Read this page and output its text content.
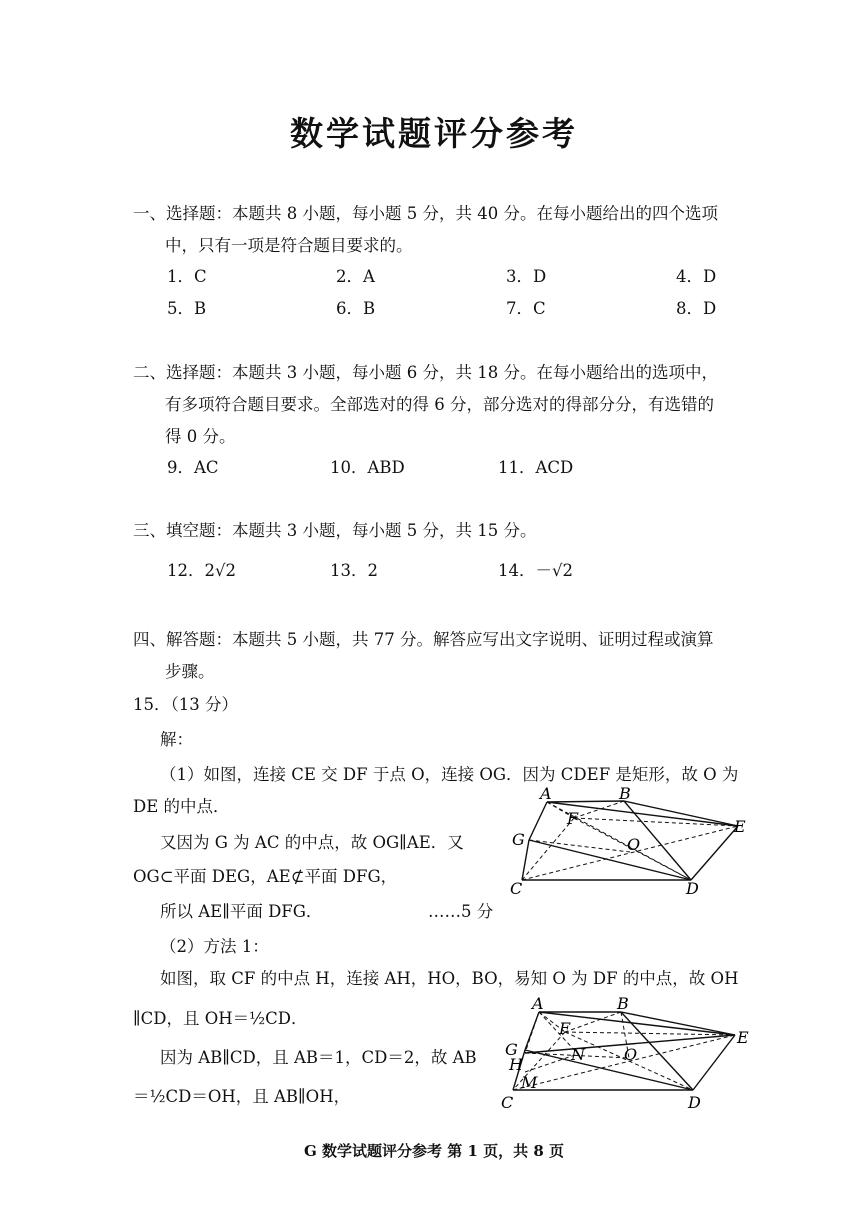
数学试题评分参考
一、选择题：本题共 8 小题，每小题 5 分，共 40 分。在每小题给出的四个选项
中，只有一项是符合题目要求的。
1．C	2．A	3．D	4．D
5．B	6．B	7．C	8．D
二、选择题：本题共 3 小题，每小题 6 分，共 18 分。在每小题给出的选项中，
有多项符合题目要求。全部选对的得 6 分，部分选对的得部分分，有选错的
得 0 分。
9．AC	10．ABD	11．ACD
三、填空题：本题共 3 小题，每小题 5 分，共 15 分。
12．2√2	13．2	14．－√2
四、解答题：本题共 5 小题，共 77 分。解答应写出文字说明、证明过程或演算
步骤。
15．（13 分）
解：
（1）如图，连接 CE 交 DF 于点 O，连接 OG．因为 CDEF 是矩形，故 O 为
DE 的中点．
又因为 G 为 AC 的中点，故 OG∥AE．又
OG⊂平面 DEG，AE⊄平面 DFG，
所以 AE∥平面 DFG．	……5 分
（2）方法 1：
如图，取 CF 的中点 H，连接 AH，HO，BO，易知 O 为 DF 的中点，故 OH
∥CD，且 OH＝½CD．
因为 AB∥CD，且 AB＝1，CD＝2，故 AB
＝½CD＝OH，且 AB∥OH，
A	B
F
G	O
E
C	D
A	B
F
G
H
N O
M
E
C	D
G 数学试题评分参考 第 1 页，共 8 页
